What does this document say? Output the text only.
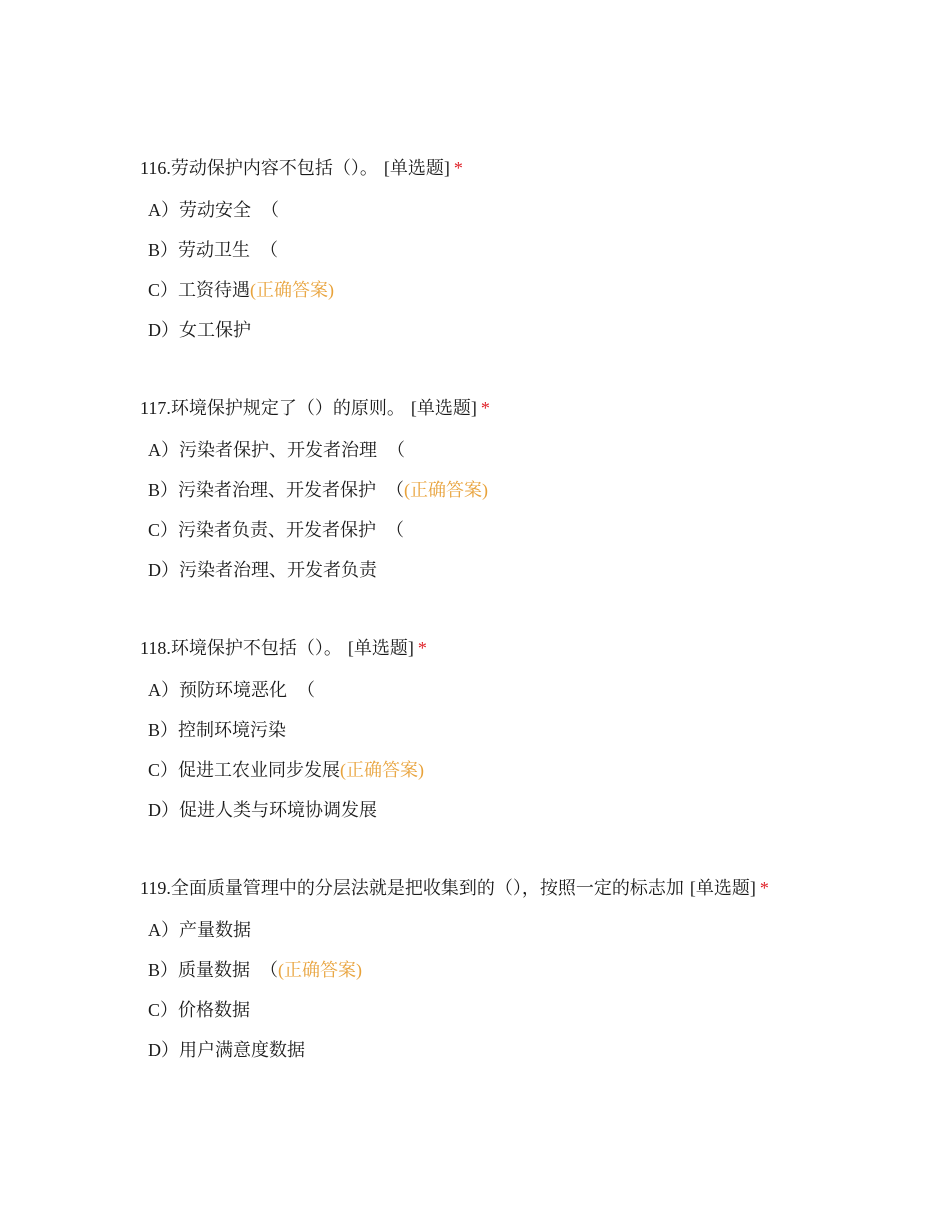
116.劳动保护内容不包括（）。 [单选题] *
A）劳动安全 （
B）劳动卫生 （
C）工资待遇(正确答案)
D）女工保护
117.环境保护规定了（）的原则。 [单选题] *
A）污染者保护、开发者治理 （
B）污染者治理、开发者保护 （(正确答案)
C）污染者负责、开发者保护 （
D）污染者治理、开发者负责
118.环境保护不包括（）。 [单选题] *
A）预防环境恶化 （
B）控制环境污染
C）促进工农业同步发展(正确答案)
D）促进人类与环境协调发展
119.全面质量管理中的分层法就是把收集到的（），按照一定的标志加 [单选题] *
A）产量数据
B）质量数据 （(正确答案)
C）价格数据
D）用户满意度数据
